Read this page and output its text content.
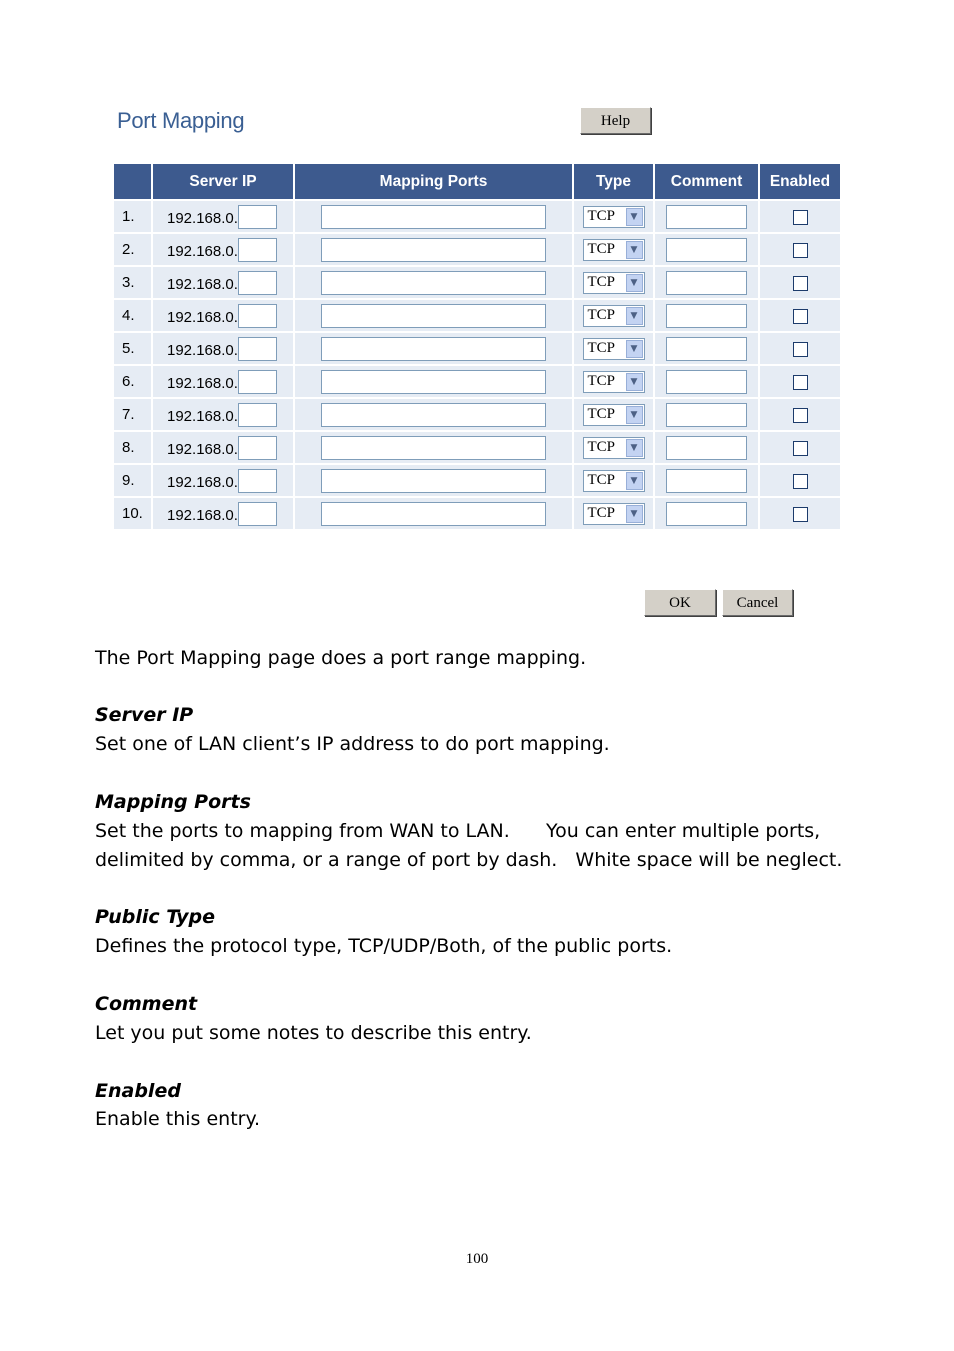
Port Mapping	Help
	Server IP	Mapping Ports	Type	Comment	Enabled
1.	192.168.0.		TCP ▼		

2.	192.168.0.		TCP ▼		

3.	192.168.0.		TCP ▼		

4.	192.168.0.		TCP ▼		

5.	192.168.0.		TCP ▼		

6.	192.168.0.		TCP ▼		

7.	192.168.0.		TCP ▼		

8.	192.168.0.		TCP ▼		

9.	192.168.0.		TCP ▼		

10.	192.168.0.		TCP ▼		

OK	Cancel
The Port Mapping page does a port range mapping.
Server IP
Set one of LAN client’s IP address to do port mapping.
Mapping Ports
Set the ports to mapping from WAN to LAN.      You can enter multiple ports,
delimited by comma, or a range of port by dash.   White space will be neglect.
Public Type
Defines the protocol type, TCP/UDP/Both, of the public ports.
Comment
Let you put some notes to describe this entry.
Enabled
Enable this entry.
100
